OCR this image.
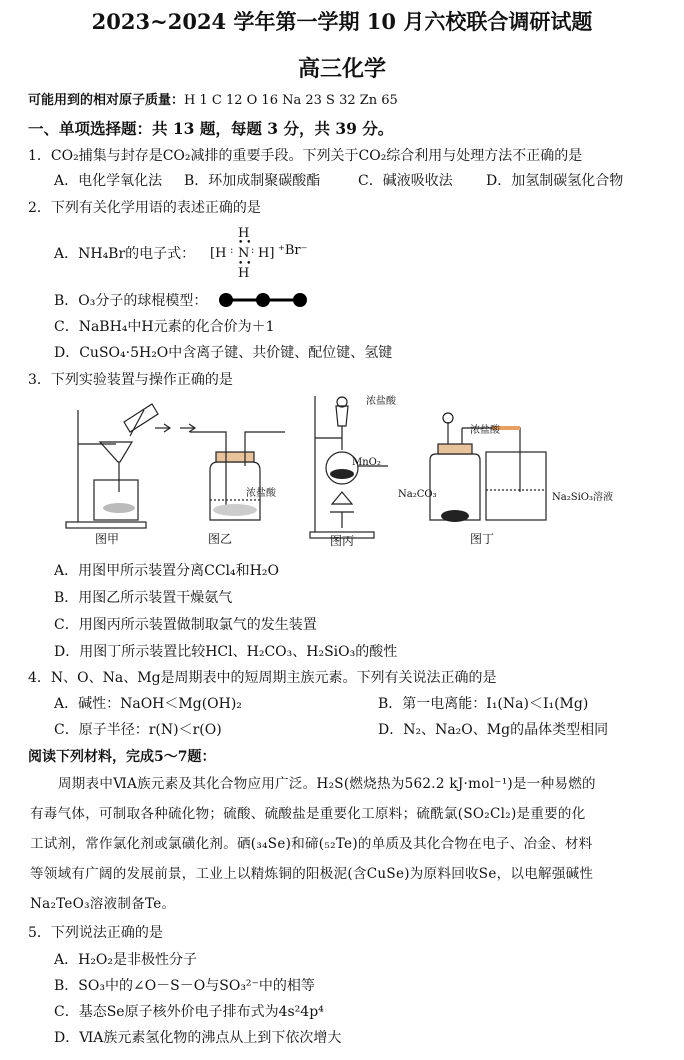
2023~2024 学年第一学期 10 月六校联合调研试题
高三化学
可能用到的相对原子质量：H 1 C 12 O 16 Na 23 S 32 Zn 65
一、单项选择题：共 13 题，每题 3 分，共 39 分。
1．CO₂捕集与封存是CO₂减排的重要手段。下列关于CO₂综合利用与处理方法不正确的是
A．电化学氧化法 B．环加成制聚碳酸酯	C．碱液吸收法 D．加氢制碳氢化合物
2．下列有关化学用语的表述正确的是
A．NH₄Br的电子式：
H
• •
[H : N : H] ⁺Br⁻
• •
H
B．O₃分子的球棍模型：
C．NaBH₄中H元素的化合价为＋1
D．CuSO₄·5H₂O中含离子键、共价键、配位键、氢键
3．下列实验装置与操作正确的是
图甲	图乙	图丙	图丁
浓盐酸
浓盐酸
MnO₂
浓盐酸
Na₂CO₃	Na₂SiO₃溶液
A．用图甲所示装置分离CCl₄和H₂O
B．用图乙所示装置干燥氨气
C．用图丙所示装置做制取氯气的发生装置
D．用图丁所示装置比较HCl、H₂CO₃、H₂SiO₃的酸性
4．N、O、Na、Mg是周期表中的短周期主族元素。下列有关说法正确的是
A．碱性：NaOH＜Mg(OH)₂	B．第一电离能：I₁(Na)＜I₁(Mg)
C．原子半径：r(N)＜r(O)	D．N₂、Na₂O、Mg的晶体类型相同
阅读下列材料，完成5～7题：
周期表中ⅥA族元素及其化合物应用广泛。H₂S(燃烧热为562.2 kJ·mol⁻¹)是一种易燃的
有毒气体，可制取各种硫化物；硫酸、硫酸盐是重要化工原料；硫酰氯(SO₂Cl₂)是重要的化
工试剂，常作氯化剂或氯磺化剂。硒(₃₄Se)和碲(₅₂Te)的单质及其化合物在电子、冶金、材料
等领域有广阔的发展前景，工业上以精炼铜的阳极泥(含CuSe)为原料回收Se，以电解强碱性
Na₂TeO₃溶液制备Te。
5．下列说法正确的是
A．H₂O₂是非极性分子
B．SO₃中的∠O－S－O与SO₃²⁻中的相等
C．基态Se原子核外价电子排布式为4s²4p⁴
D．ⅥA族元素氢化物的沸点从上到下依次增大
